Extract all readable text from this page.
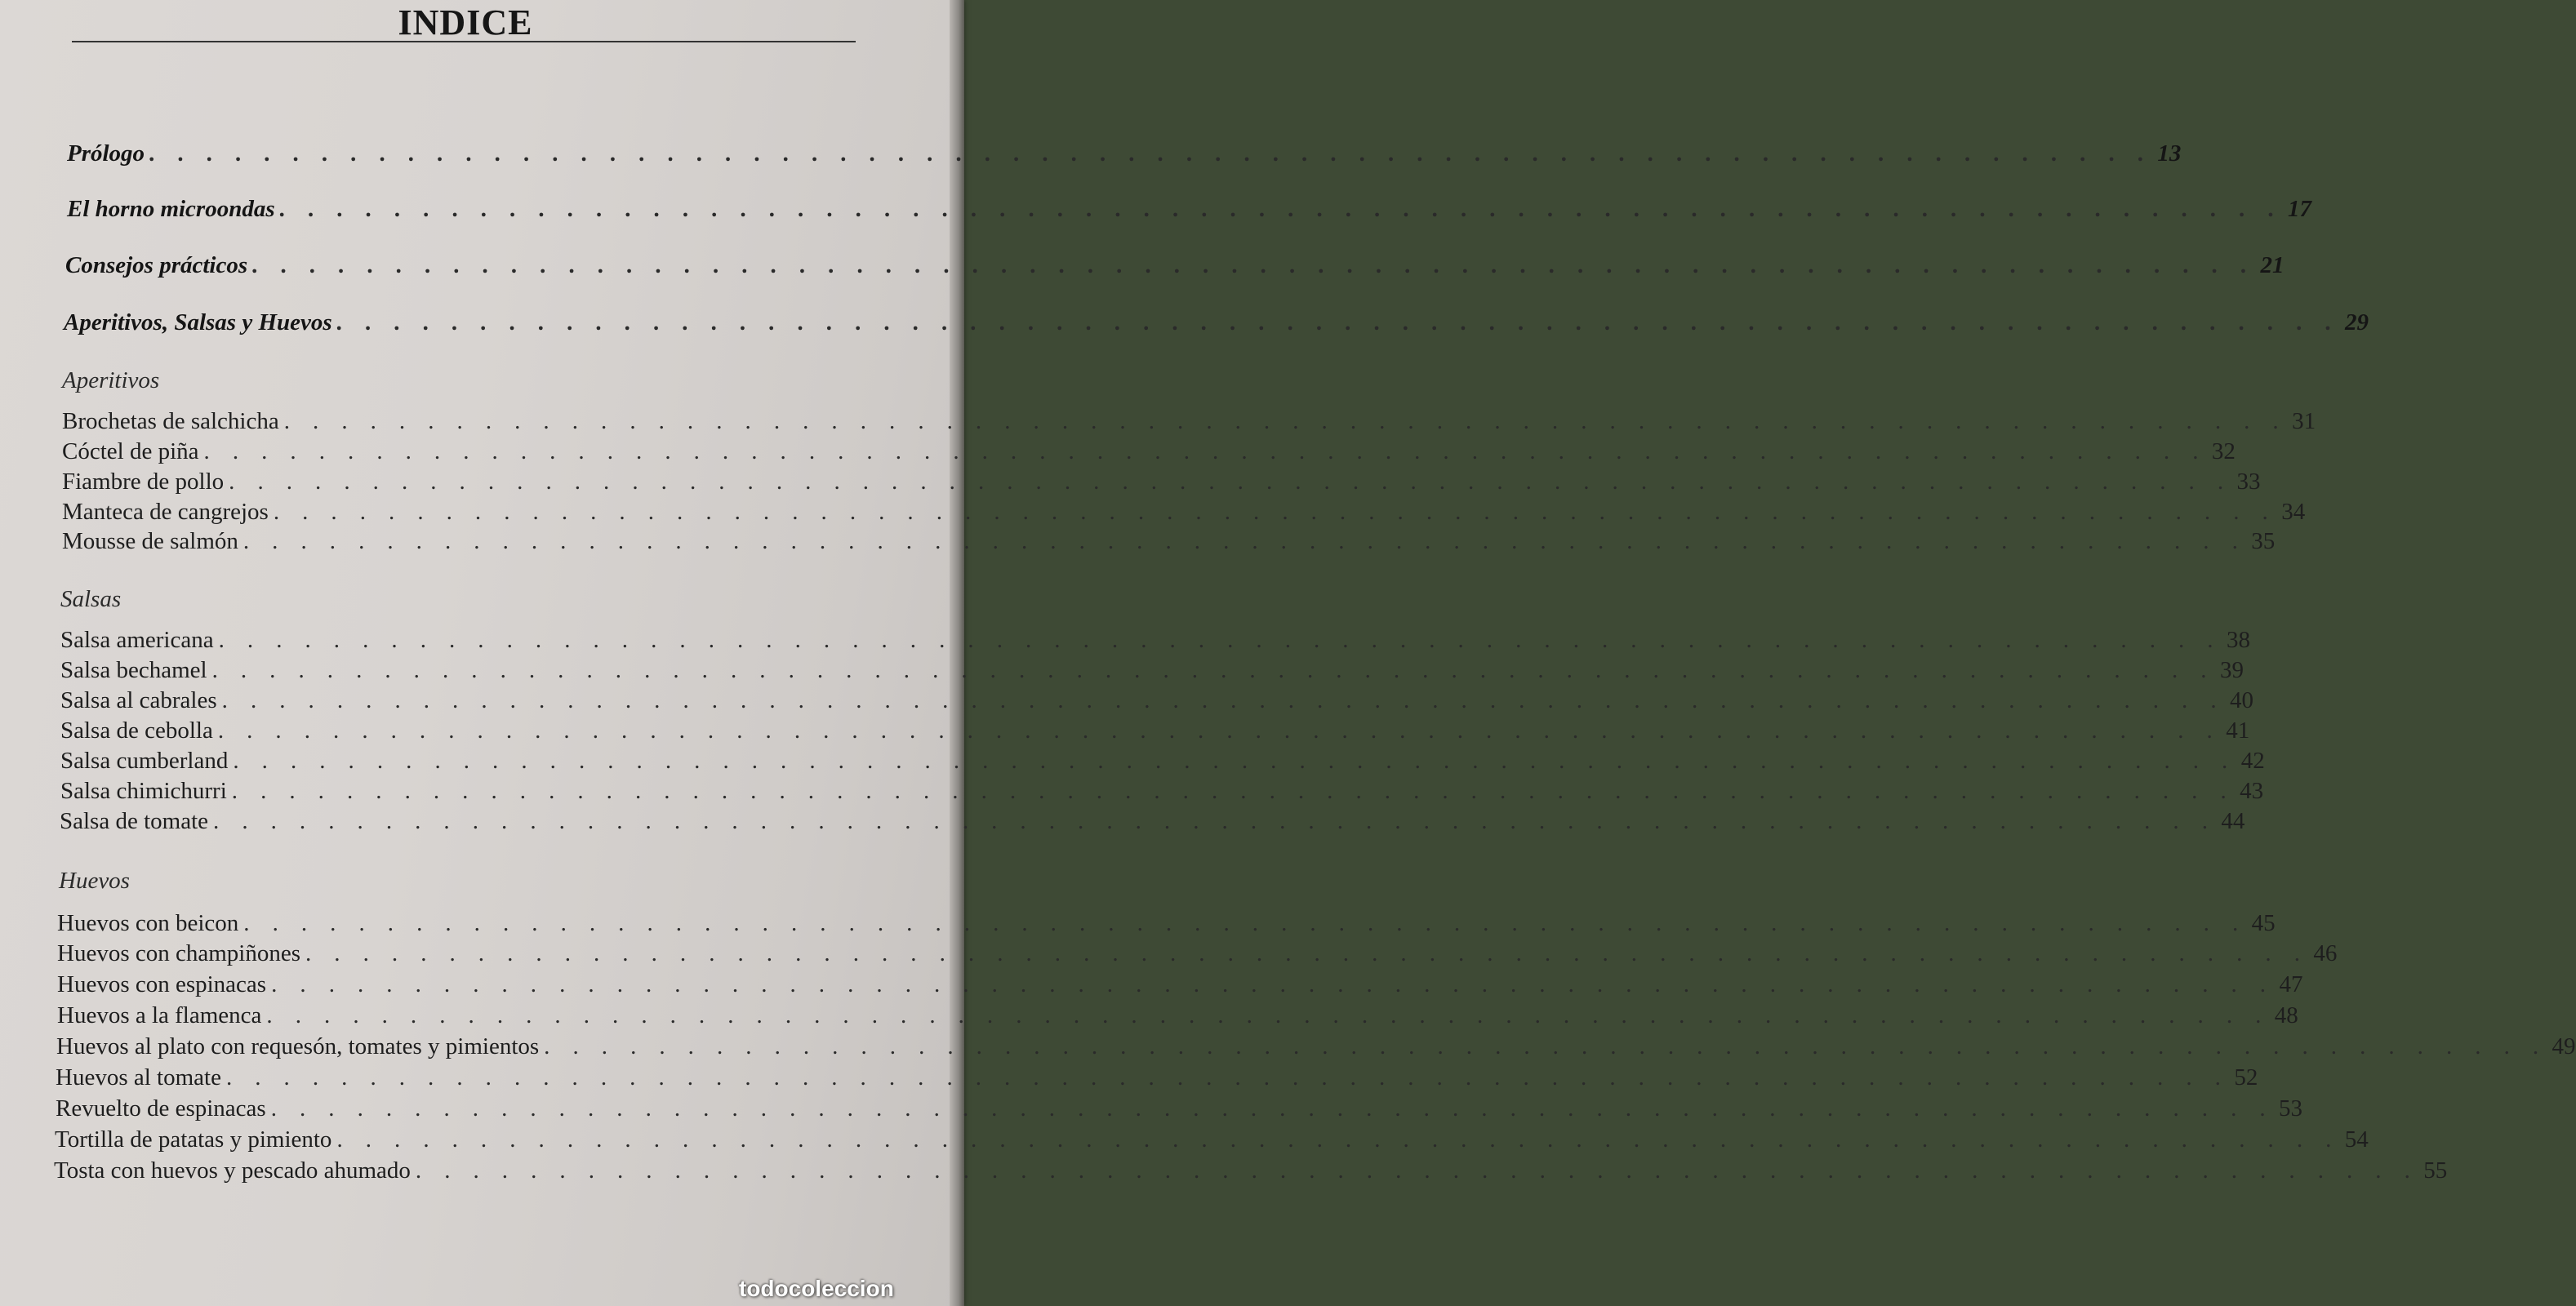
INDICE
Prólogo . . . . . . . . . . . . . . . . . . . . . . . . . . . . . . . . . . . . . . . . . . . . . . . . . . . . . . . . . . . . . . . . . . . . . . 13
El horno microondas . . . . . . . . . . . . . . . . . . . . . . . . . . . . . . . . . . . . . . . . . . . . . . . . . . . . . . . . . . . . . . . . . . . . . . 17
Consejos prácticos . . . . . . . . . . . . . . . . . . . . . . . . . . . . . . . . . . . . . . . . . . . . . . . . . . . . . . . . . . . . . . . . . . . . . . 21
Aperitivos, Salsas y Huevos . . . . . . . . . . . . . . . . . . . . . . . . . . . . . . . . . . . . . . . . . . . . . . . . . . . . . . . . . . . . . . . . . . . . . . 29
Aperitivos
Brochetas de salchicha . . . . . . . . . . . . . . . . . . . . . . . . . . . . . . . . . . . . . . . . . . . . . . . . . . . . . . . . . . . . . . . . . . . . . . 31
Cóctel de piña . . . . . . . . . . . . . . . . . . . . . . . . . . . . . . . . . . . . . . . . . . . . . . . . . . . . . . . . . . . . . . . . . . . . . . 32
Fiambre de pollo . . . . . . . . . . . . . . . . . . . . . . . . . . . . . . . . . . . . . . . . . . . . . . . . . . . . . . . . . . . . . . . . . . . . . . 33
Manteca de cangrejos . . . . . . . . . . . . . . . . . . . . . . . . . . . . . . . . . . . . . . . . . . . . . . . . . . . . . . . . . . . . . . . . . . . . . . 34
Mousse de salmón . . . . . . . . . . . . . . . . . . . . . . . . . . . . . . . . . . . . . . . . . . . . . . . . . . . . . . . . . . . . . . . . . . . . . . 35
Salsas
Salsa americana . . . . . . . . . . . . . . . . . . . . . . . . . . . . . . . . . . . . . . . . . . . . . . . . . . . . . . . . . . . . . . . . . . . . . . 38
Salsa bechamel . . . . . . . . . . . . . . . . . . . . . . . . . . . . . . . . . . . . . . . . . . . . . . . . . . . . . . . . . . . . . . . . . . . . . . 39
Salsa al cabrales . . . . . . . . . . . . . . . . . . . . . . . . . . . . . . . . . . . . . . . . . . . . . . . . . . . . . . . . . . . . . . . . . . . . . . 40
Salsa de cebolla . . . . . . . . . . . . . . . . . . . . . . . . . . . . . . . . . . . . . . . . . . . . . . . . . . . . . . . . . . . . . . . . . . . . . . 41
Salsa cumberland . . . . . . . . . . . . . . . . . . . . . . . . . . . . . . . . . . . . . . . . . . . . . . . . . . . . . . . . . . . . . . . . . . . . . . 42
Salsa chimichurri . . . . . . . . . . . . . . . . . . . . . . . . . . . . . . . . . . . . . . . . . . . . . . . . . . . . . . . . . . . . . . . . . . . . . . 43
Salsa de tomate . . . . . . . . . . . . . . . . . . . . . . . . . . . . . . . . . . . . . . . . . . . . . . . . . . . . . . . . . . . . . . . . . . . . . . 44
Huevos
Huevos con beicon . . . . . . . . . . . . . . . . . . . . . . . . . . . . . . . . . . . . . . . . . . . . . . . . . . . . . . . . . . . . . . . . . . . . . . 45
Huevos con champiñones . . . . . . . . . . . . . . . . . . . . . . . . . . . . . . . . . . . . . . . . . . . . . . . . . . . . . . . . . . . . . . . . . . . . . . 46
Huevos con espinacas . . . . . . . . . . . . . . . . . . . . . . . . . . . . . . . . . . . . . . . . . . . . . . . . . . . . . . . . . . . . . . . . . . . . . . 47
Huevos a la flamenca . . . . . . . . . . . . . . . . . . . . . . . . . . . . . . . . . . . . . . . . . . . . . . . . . . . . . . . . . . . . . . . . . . . . . . 48
Huevos al plato con requesón, tomates y pimientos . . . . . . . . . . . . . . . . . . . . . . . . . . . . . . . . . . . . . . . . . . . . . . . . . . . . . . . . . . . . . . . . . . . . . . 49
Huevos al tomate . . . . . . . . . . . . . . . . . . . . . . . . . . . . . . . . . . . . . . . . . . . . . . . . . . . . . . . . . . . . . . . . . . . . . . 52
Revuelto de espinacas . . . . . . . . . . . . . . . . . . . . . . . . . . . . . . . . . . . . . . . . . . . . . . . . . . . . . . . . . . . . . . . . . . . . . . 53
Tortilla de patatas y pimiento . . . . . . . . . . . . . . . . . . . . . . . . . . . . . . . . . . . . . . . . . . . . . . . . . . . . . . . . . . . . . . . . . . . . . . 54
Tosta con huevos y pescado ahumado . . . . . . . . . . . . . . . . . . . . . . . . . . . . . . . . . . . . . . . . . . . . . . . . . . . . . . . . . . . . . . . . . . . . . . 55
todocoleccion
